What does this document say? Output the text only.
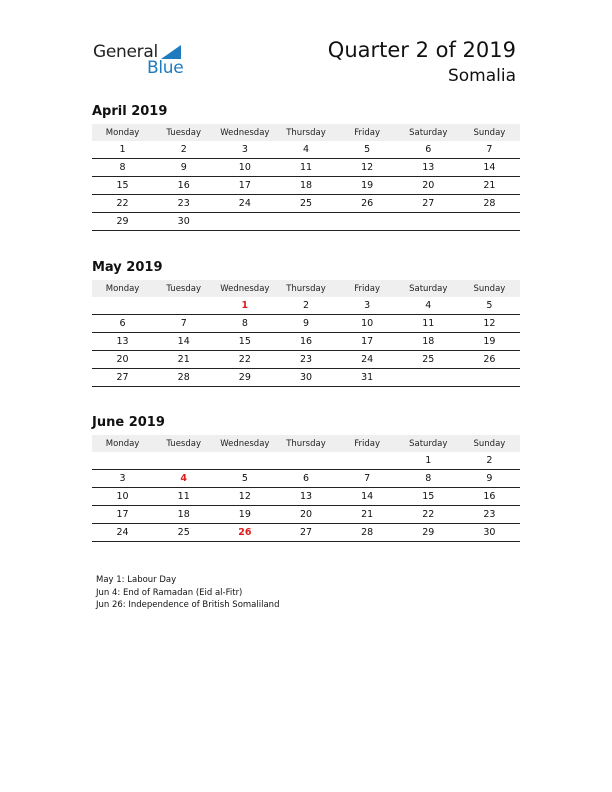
General
Blue
Quarter 2 of 2019
Somalia
April 2019
Monday	Tuesday	Wednesday	Thursday	Friday	Saturday	Sunday
1	2	3	4	5	6	7
8	9	10	11	12	13	14
15	16	17	18	19	20	21
22	23	24	25	26	27	28
29	30					
May 2019
Monday	Tuesday	Wednesday	Thursday	Friday	Saturday	Sunday
		1	2	3	4	5
6	7	8	9	10	11	12
13	14	15	16	17	18	19
20	21	22	23	24	25	26
27	28	29	30	31		
June 2019
Monday	Tuesday	Wednesday	Thursday	Friday	Saturday	Sunday
					1	2
3	4	5	6	7	8	9
10	11	12	13	14	15	16
17	18	19	20	21	22	23
24	25	26	27	28	29	30
May 1: Labour Day
Jun 4: End of Ramadan (Eid al-Fitr)
Jun 26: Independence of British Somaliland
